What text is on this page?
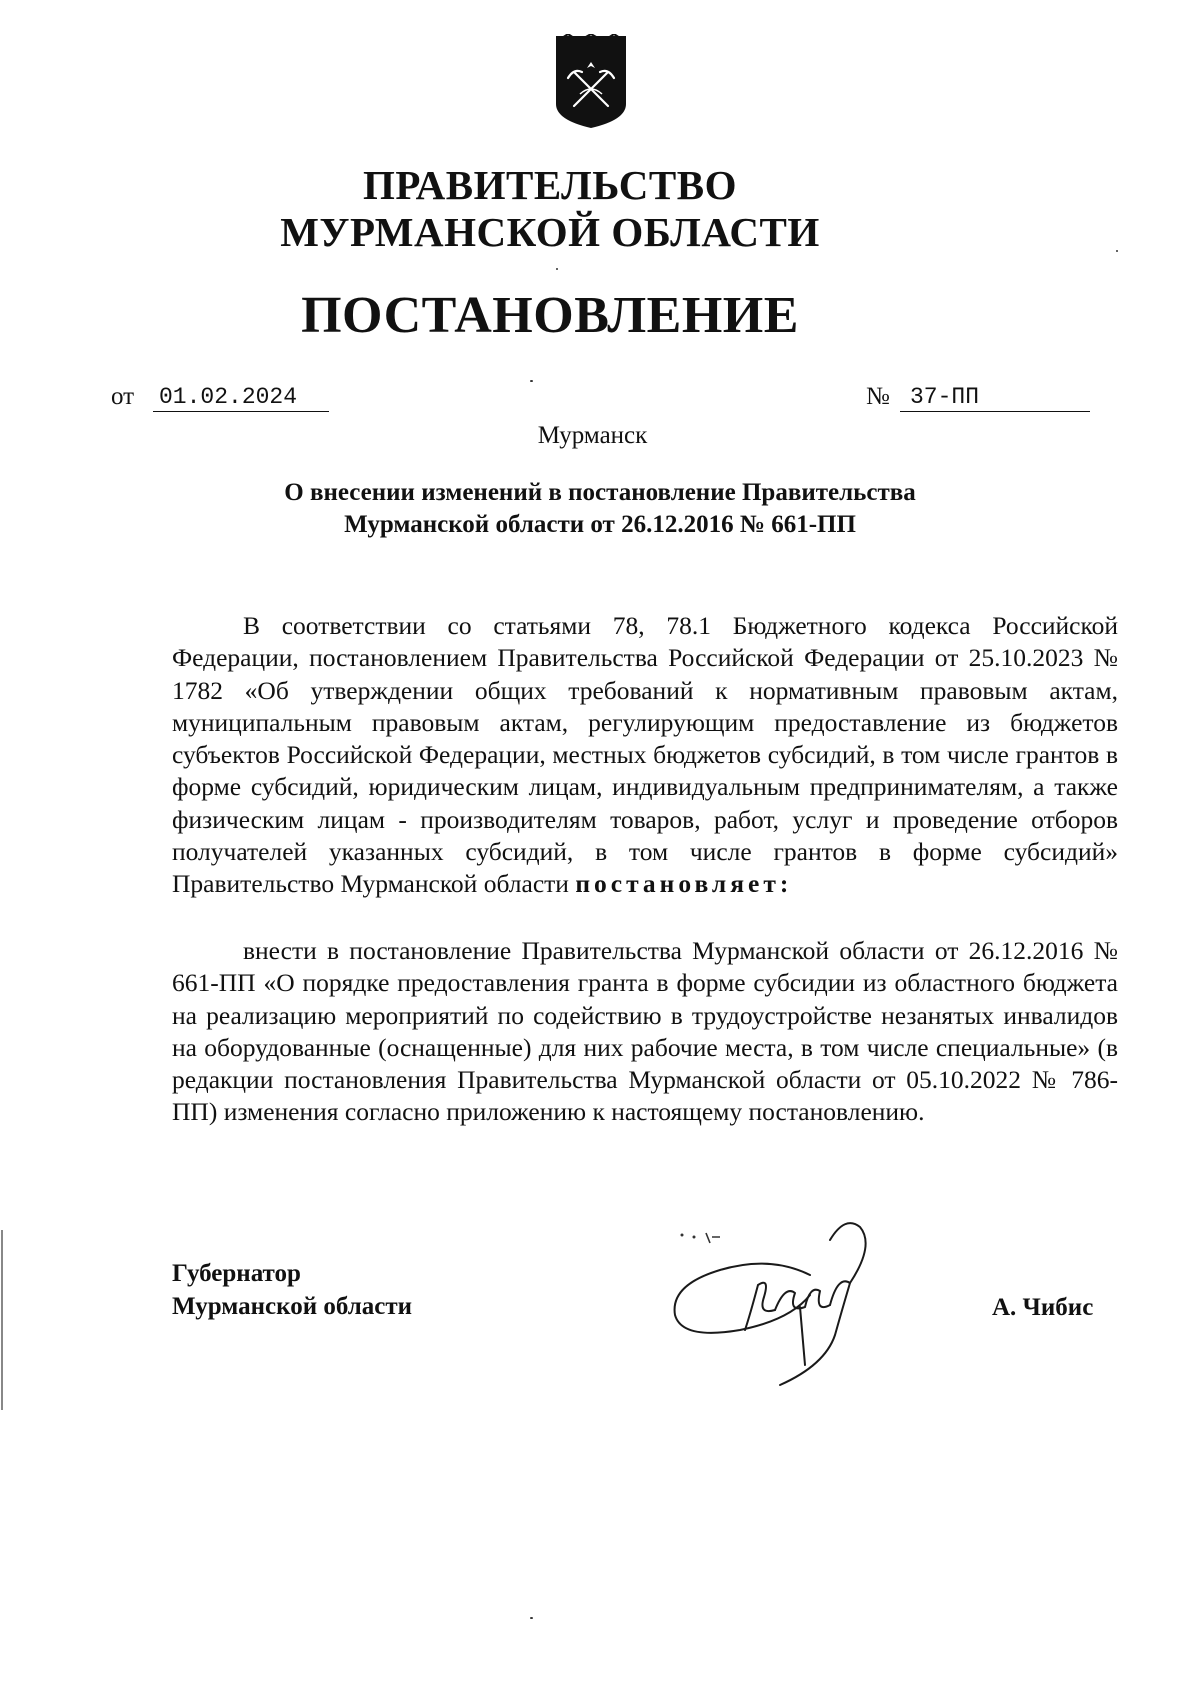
ПРАВИТЕЛЬСТВО
МУРМАНСКОЙ ОБЛАСТИ
ПОСТАНОВЛЕНИЕ
от 01.02.2024	№ 37-ПП
Мурманск
О внесении изменений в постановление Правительства
Мурманской области от 26.12.2016 № 661-ПП

В соответствии со статьями 78, 78.1 Бюджетного кодекса Российской Федерации, постановлением Правительства Российской Федерации от 25.10.2023 № 1782 «Об утверждении общих требований к нормативным правовым актам, муниципальным правовым актам, регулирующим предоставление из бюджетов субъектов Российской Федерации, местных бюджетов субсидий, в том числе грантов в форме субсидий, юридическим лицам, индивидуальным предпринимателям, а также физическим лицам - производителям товаров, работ, услуг и проведение отборов получателей указанных субсидий, в том числе грантов в форме субсидий» Правительство Мурманской области постановляет:

внести в постановление Правительства Мурманской области от 26.12.2016 № 661-ПП «О порядке предоставления гранта в форме субсидии из областного бюджета на реализацию мероприятий по содействию в трудоустройстве незанятых инвалидов на оборудованные (оснащенные) для них рабочие места, в том числе специальные» (в редакции постановления Правительства Мурманской области от 05.10.2022 № 786-ПП) изменения согласно приложению к настоящему постановлению.

Губернатор
Мурманской области	А. Чибис
